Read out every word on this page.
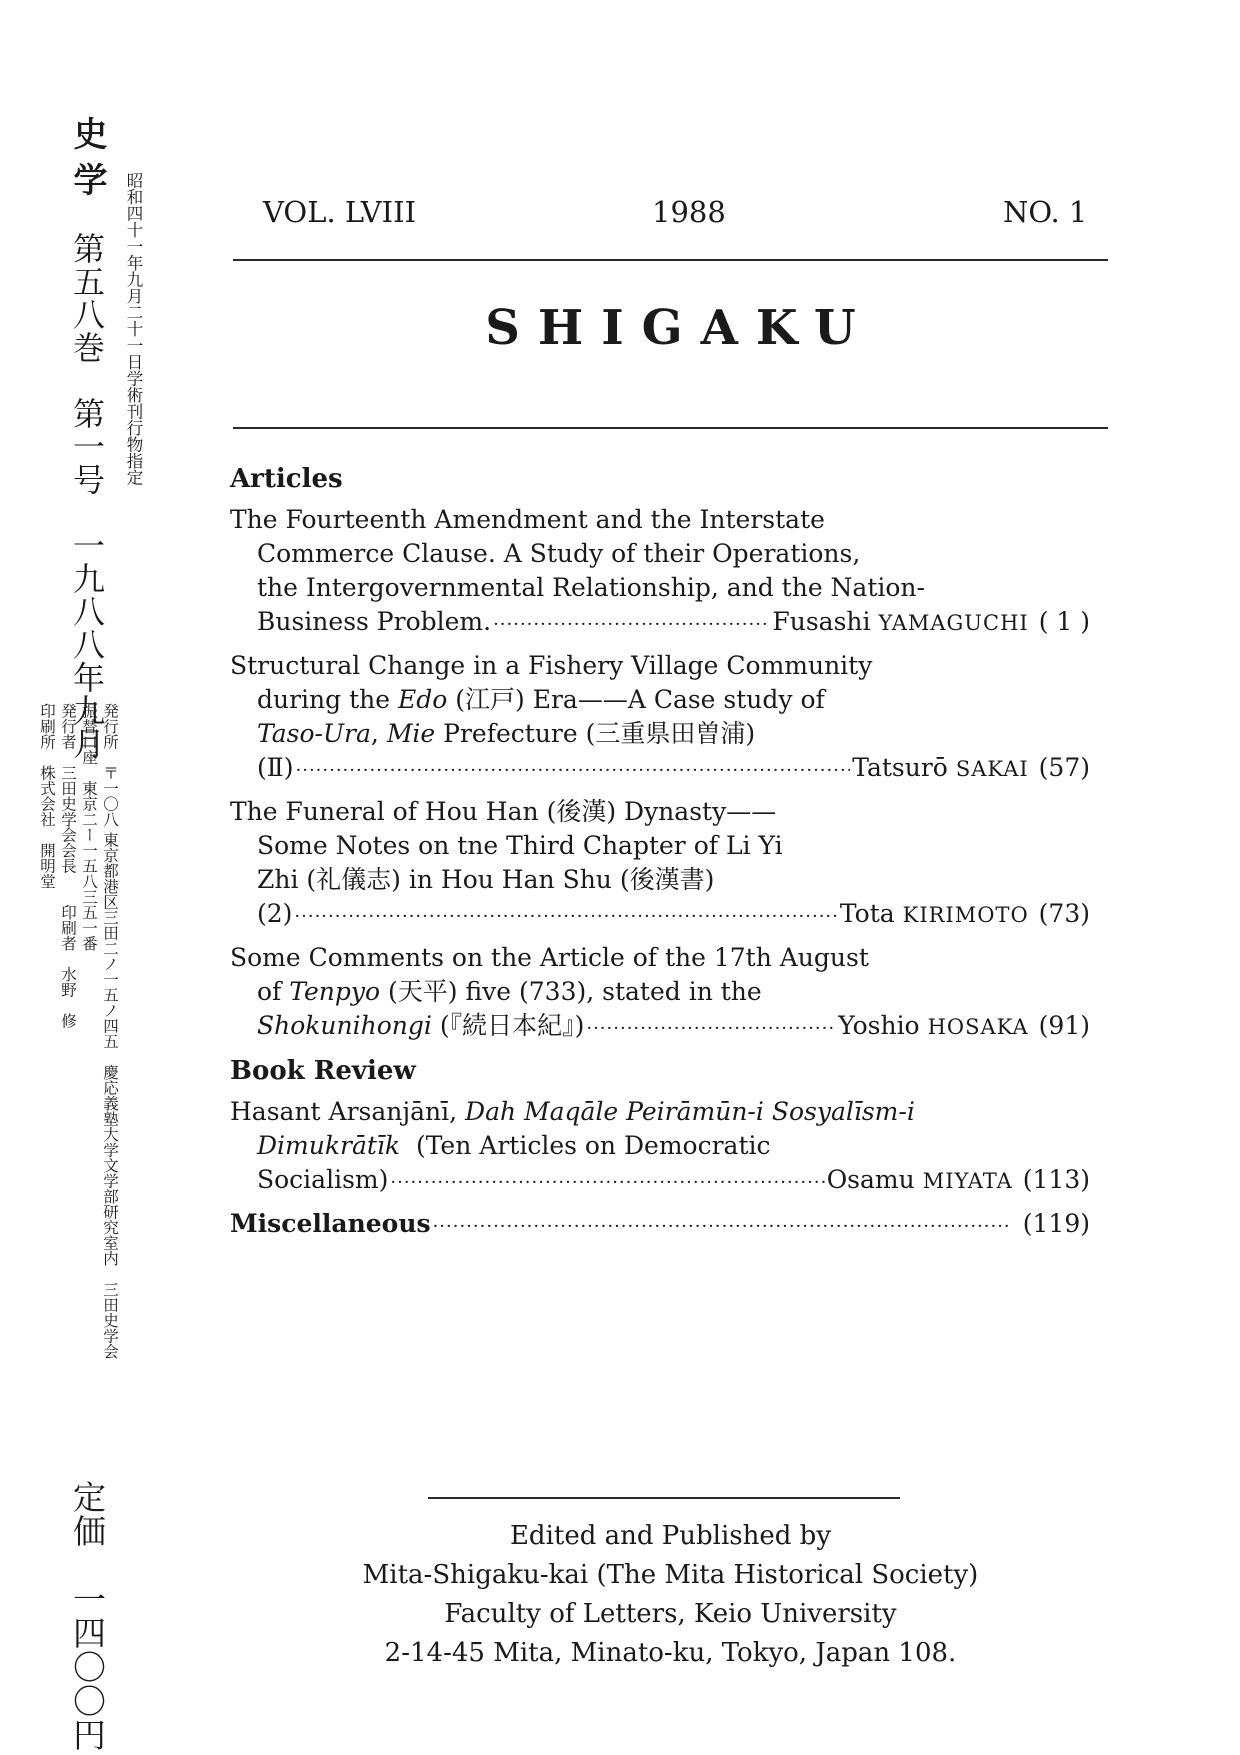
史学
昭和四十一年九月二十一日学術刊行物指定
第五八巻　第一号　一九八八年九月
発行所　〒一〇八 東京都港区三田二ノ一五ノ四五　慶応義塾大学文学部研究室内　三田史学会
振替口座　東京二ー一五八三五一番
発行者　三田史学会会長　　印刷者　水野　修
印刷所　株式会社　開明堂
定価　一四〇〇円
VOL. LVIII	1988	NO. 1
SHIGAKU
Articles
The Fourteenth Amendment and the Interstate
Commerce Clause. A Study of their Operations,
the Intergovernmental Relationship, and the Nation-
Business Problem. ·····	Fusashi YAMAGUCHI ( 1 )
Structural Change in a Fishery Village Community
during the Edo (江戸) Era——A Case study of
Taso-Ura, Mie Prefecture (三重県田曽浦)
(Ⅱ) ·····	Tatsurō SAKAI (57)
The Funeral of Hou Han (後漢) Dynasty——
Some Notes on tne Third Chapter of Li Yi
Zhi (礼儀志) in Hou Han Shu (後漢書)
(2) ·····	Tota KIRIMOTO (73)
Some Comments on the Article of the 17th August
of Tenpyo (天平) five (733), stated in the
Shokunihongi (『続日本紀』) ·····	Yoshio HOSAKA (91)
Book Review
Hasant Arsanjānī, Dah Maqāle Peirāmūn-i Sosyalīsm-i
Dimukrātīk  (Ten Articles on Democratic
Socialism) ·····	Osamu MIYATA (113)
Miscellaneous ·····	(119)
Edited and Published by
Mita-Shigaku-kai (The Mita Historical Society)
Faculty of Letters, Keio University
2-14-45 Mita, Minato-ku, Tokyo, Japan 108.
